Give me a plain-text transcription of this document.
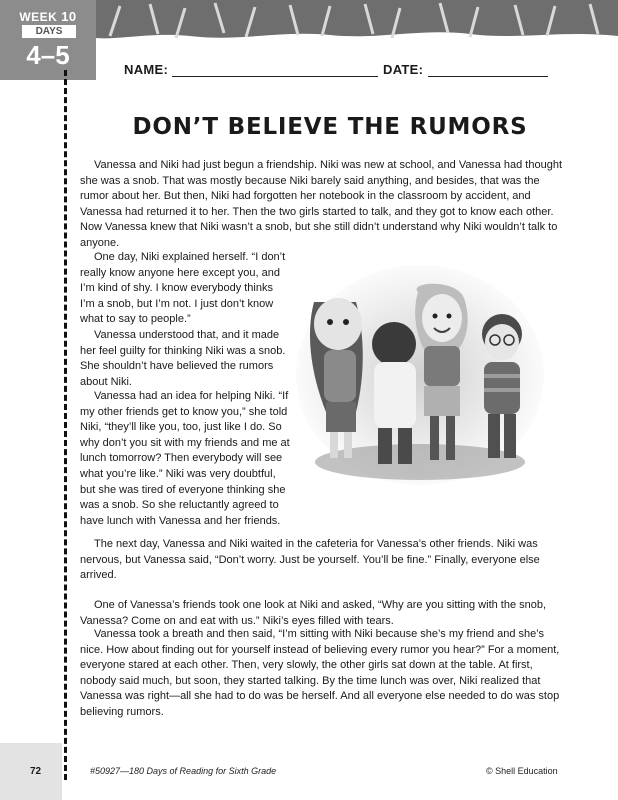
WEEK 10
DAYS
4–5	NAME:	DATE:
DON’T BELIEVE THE RUMORS

Vanessa and Niki had just begun a friendship. Niki was new at school, and Vanessa had thought she was a snob. That was mostly because Niki barely said anything, and besides, that was the rumor about her. But then, Niki had forgotten her notebook in the classroom by accident, and Vanessa had returned it to her. Then the two girls started to talk, and they got to know each other. Now Vanessa knew that Niki wasn’t a snob, but she still didn’t understand why Niki wouldn’t talk to anyone.

One day, Niki explained herself. “I don’t really know anyone here except you, and I’m kind of shy. I know everybody thinks I’m a snob, but I’m not. I just don’t know what to say to people.”

Vanessa understood that, and it made her feel guilty for thinking Niki was a snob. She shouldn’t have believed the rumors about Niki.

Vanessa had an idea for helping Niki. “If my other friends get to know you,” she told Niki, “they’ll like you, too, just like I do. So why don’t you sit with my friends and me at lunch tomorrow? Then everybody will see what you’re like.” Niki was very doubtful, but she was tired of everyone thinking she was a snob. So she reluctantly agreed to have lunch with Vanessa and her friends.

The next day, Vanessa and Niki waited in the cafeteria for Vanessa’s other friends. Niki was nervous, but Vanessa said, “Don’t worry. Just be yourself. You’ll be fine.” Finally, everyone else arrived.

One of Vanessa’s friends took one look at Niki and asked, “Why are you sitting with the snob, Vanessa? Come on and eat with us.” Niki’s eyes filled with tears.

Vanessa took a breath and then said, “I’m sitting with Niki because she’s my friend and she’s nice. How about finding out for yourself instead of believing every rumor you hear?” For a moment, everyone stared at each other. Then, very slowly, the other girls sat down at the table. At first, nobody said much, but soon, they started talking. By the time lunch was over, Niki realized that Vanessa was right—all she had to do was be herself. And all everyone else needed to do was stop believing rumors.

72	#50927—180 Days of Reading for Sixth Grade	© Shell Education
